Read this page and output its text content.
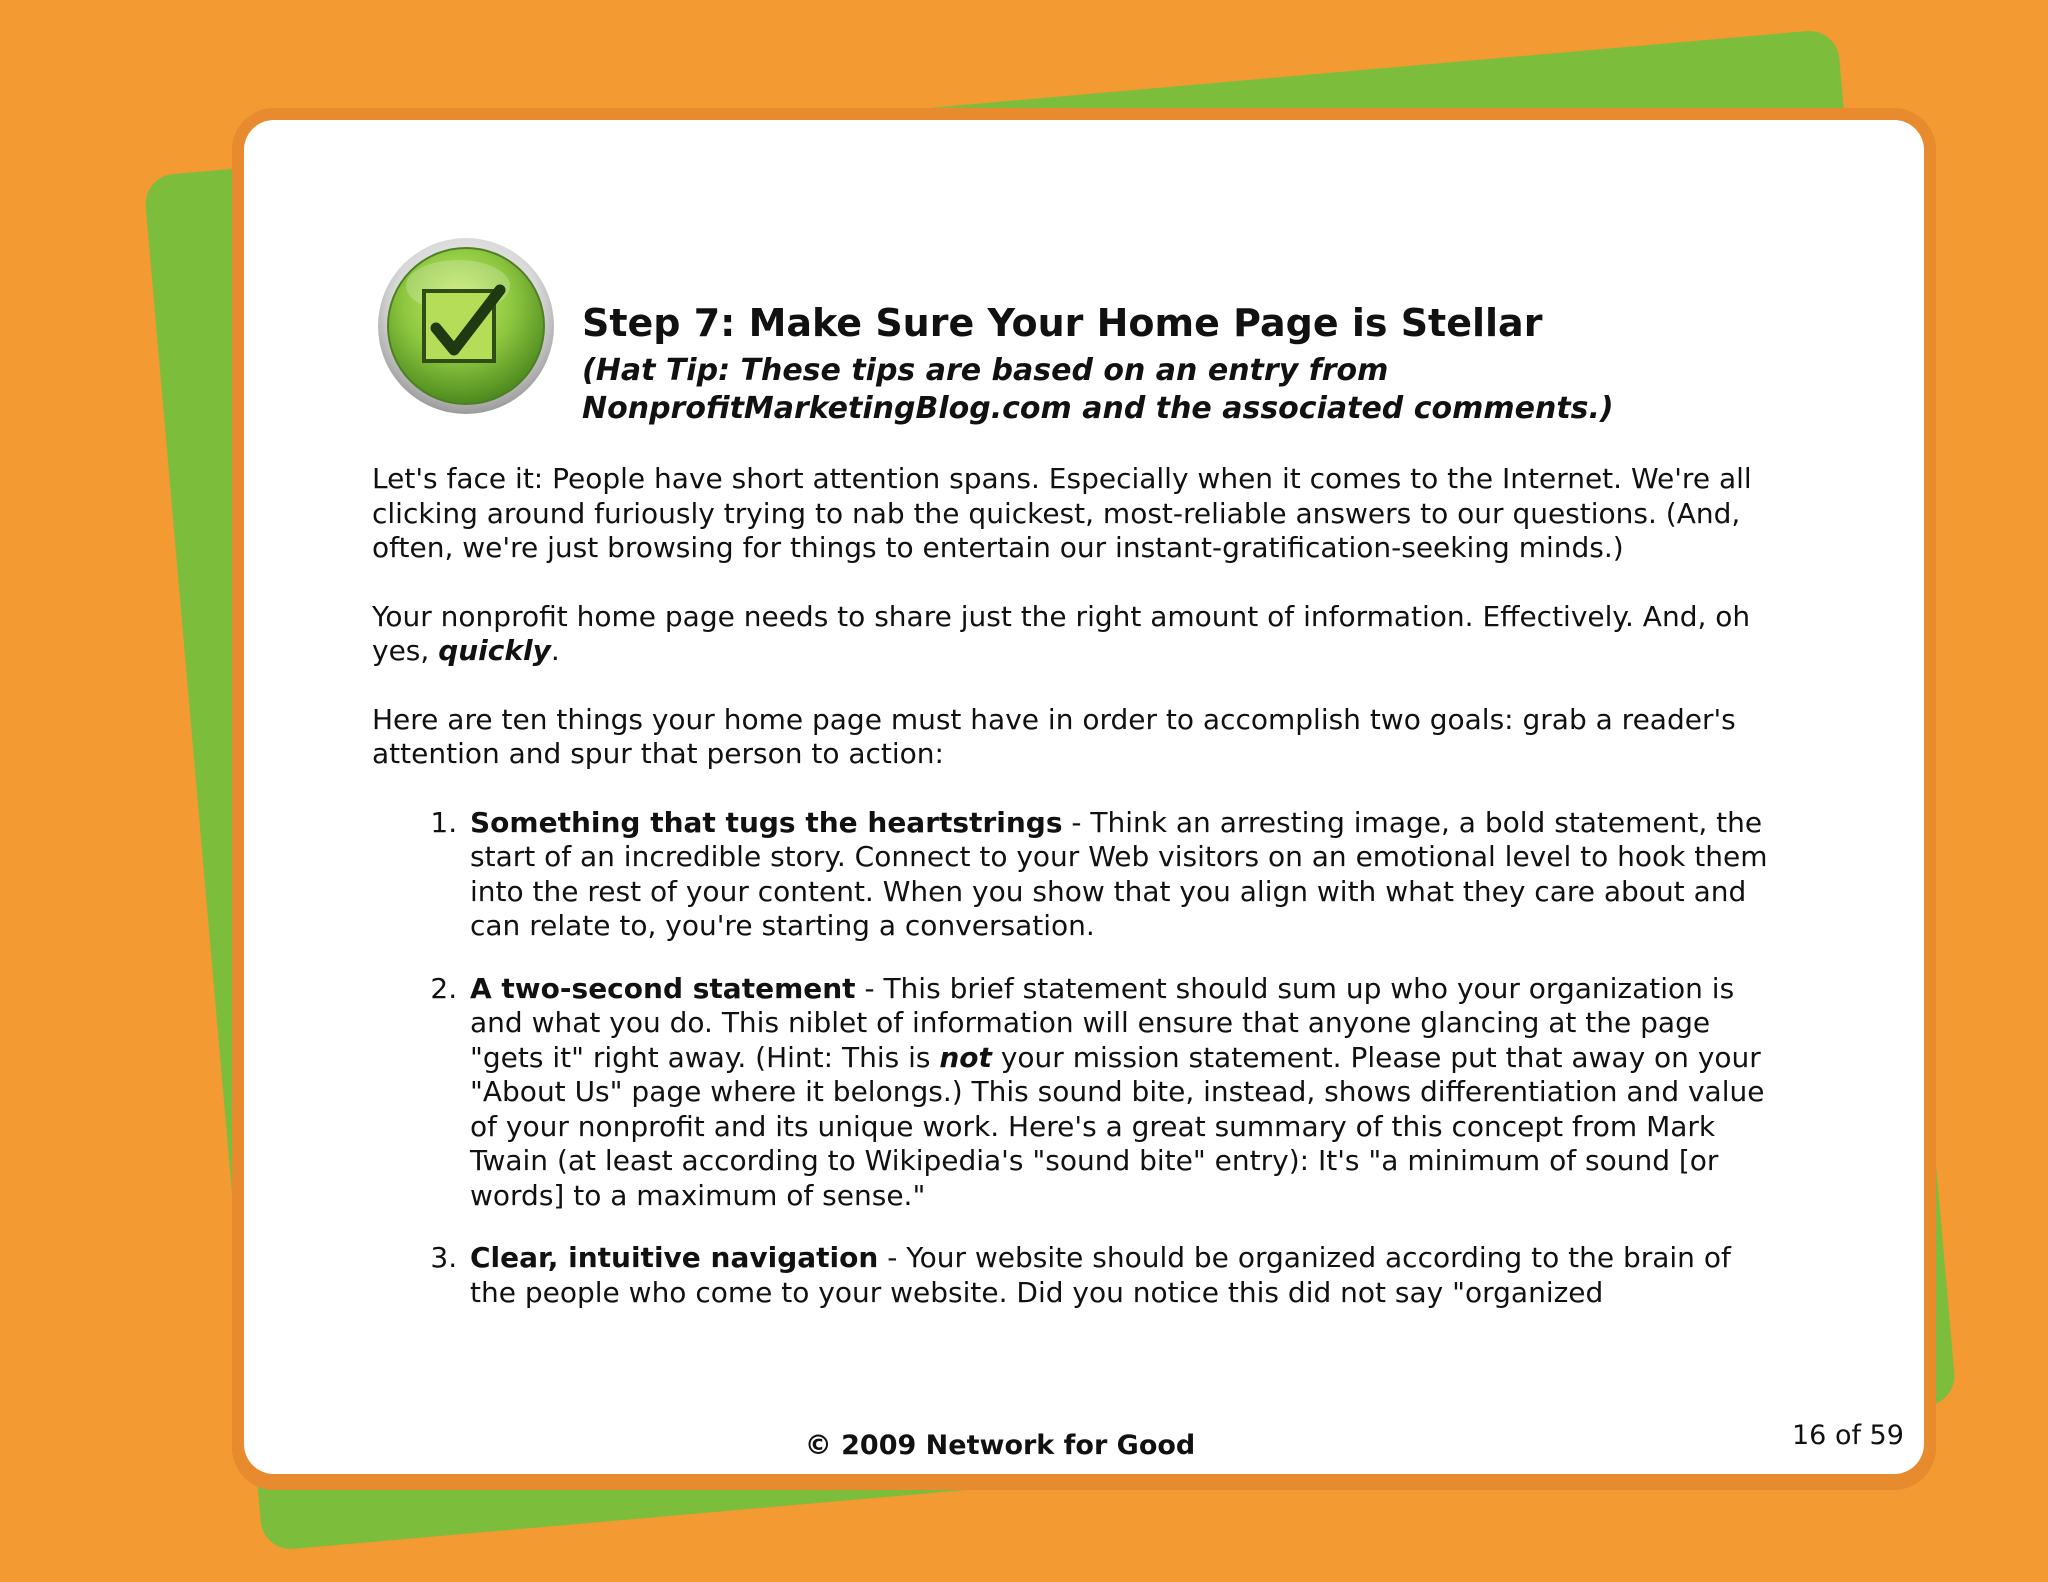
Step 7: Make Sure Your Home Page is Stellar

(Hat Tip: These tips are based on an entry from NonprofitMarketingBlog.com and the associated comments.)

Let's face it: People have short attention spans. Especially when it comes to the Internet. We're all clicking around furiously trying to nab the quickest, most-reliable answers to our questions. (And, often, we're just browsing for things to entertain our instant-gratification-seeking minds.)

Your nonprofit home page needs to share just the right amount of information. Effectively. And, oh yes, quickly.

Here are ten things your home page must have in order to accomplish two goals: grab a reader's attention and spur that person to action:

1. Something that tugs the heartstrings - Think an arresting image, a bold statement, the start of an incredible story. Connect to your Web visitors on an emotional level to hook them into the rest of your content. When you show that you align with what they care about and can relate to, you're starting a conversation.
2. A two-second statement - This brief statement should sum up who your organization is and what you do. This niblet of information will ensure that anyone glancing at the page "gets it" right away. (Hint: This is not your mission statement. Please put that away on your "About Us" page where it belongs.) This sound bite, instead, shows differentiation and value of your nonprofit and its unique work. Here's a great summary of this concept from Mark Twain (at least according to Wikipedia's "sound bite" entry): It's "a minimum of sound [or words] to a maximum of sense."
3. Clear, intuitive navigation - Your website should be organized according to the brain of the people who come to your website. Did you notice this did not say "organized
© 2009 Network for Good	16 of 59
